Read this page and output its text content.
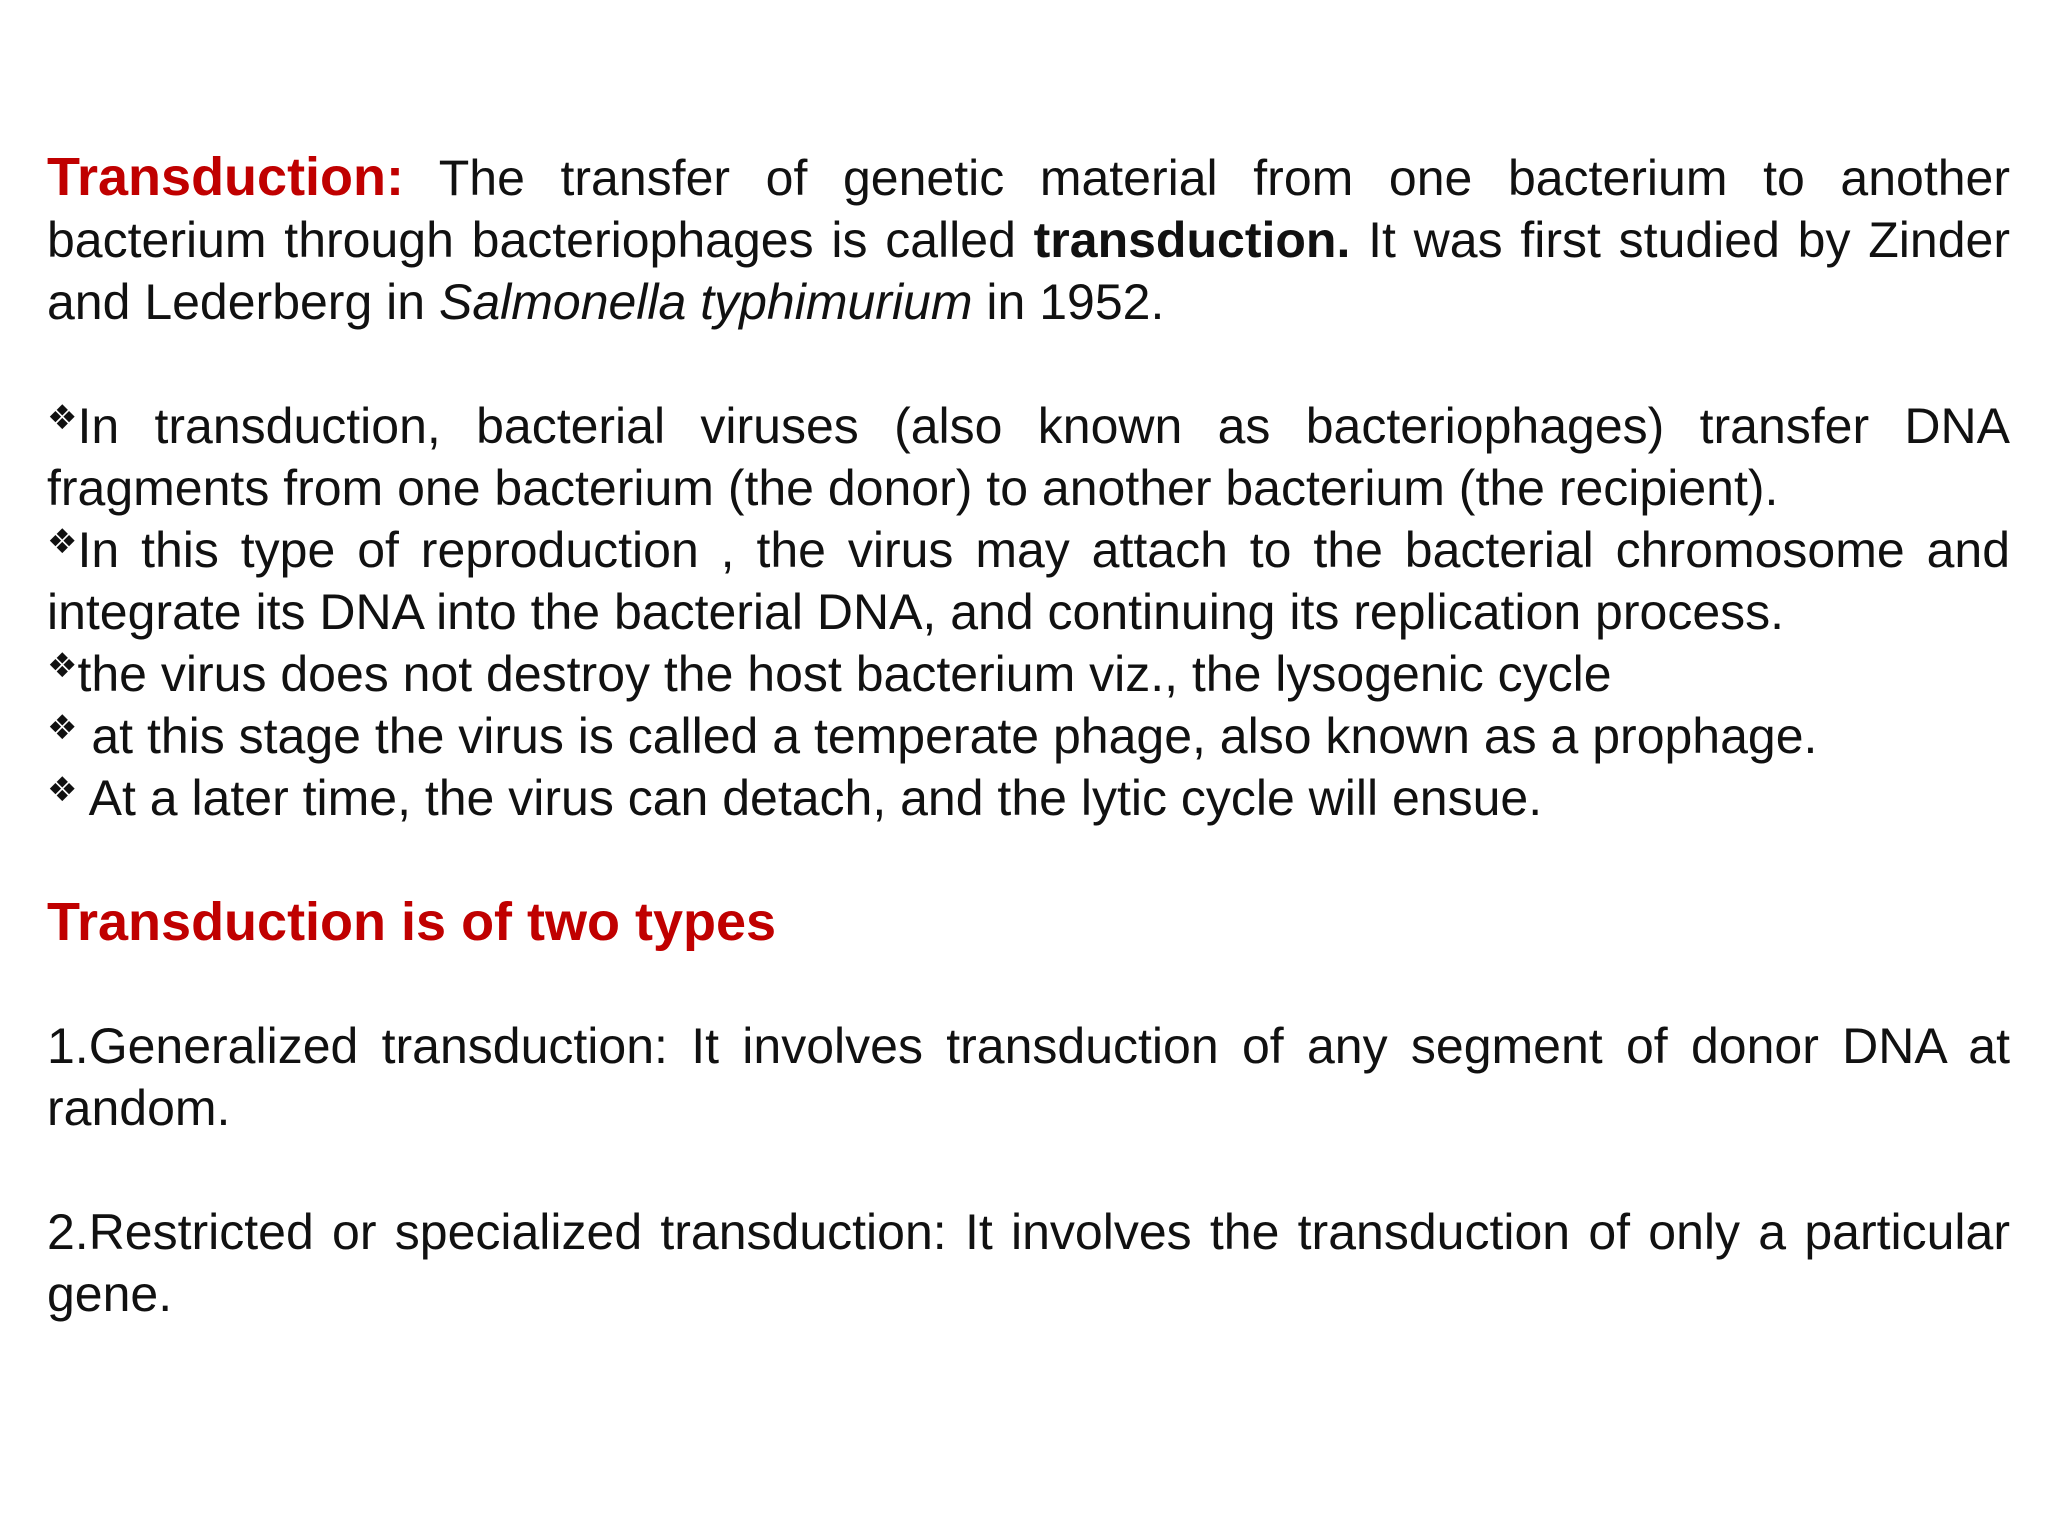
Transduction: The transfer of genetic material from one bacterium to another bacterium through bacteriophages is called transduction. It was first studied by Zinder and Lederberg in Salmonella typhimurium in 1952.

❖In transduction, bacterial viruses (also known as bacteriophages) transfer DNA fragments from one bacterium (the donor) to another bacterium (the recipient).

❖In this type of reproduction , the virus may attach to the bacterial chromosome and integrate its DNA into the bacterial DNA, and continuing its replication process.

❖the virus does not destroy the host bacterium viz., the lysogenic cycle

❖ at this stage the virus is called a temperate phage, also known as a prophage.

❖ At a later time, the virus can detach, and the lytic cycle will ensue.

Transduction is of two types

1.Generalized transduction: It involves transduction of any segment of donor DNA at random.

2.Restricted or specialized transduction: It involves the transduction of only a particular gene.
